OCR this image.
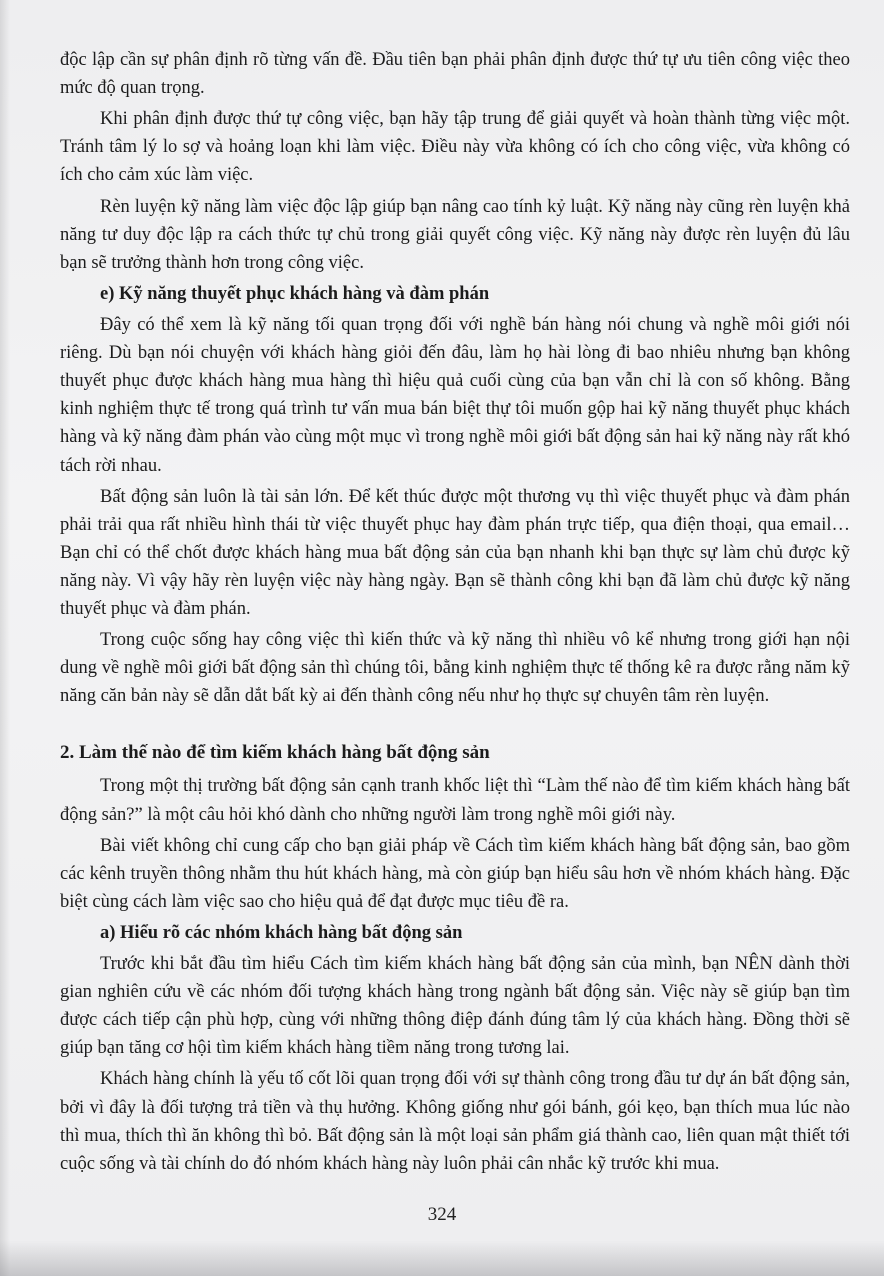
độc lập cần sự phân định rõ từng vấn đề. Đầu tiên bạn phải phân định được thứ tự ưu tiên công việc theo mức độ quan trọng.

Khi phân định được thứ tự công việc, bạn hãy tập trung để giải quyết và hoàn thành từng việc một. Tránh tâm lý lo sợ và hoảng loạn khi làm việc. Điều này vừa không có ích cho công việc, vừa không có ích cho cảm xúc làm việc.

Rèn luyện kỹ năng làm việc độc lập giúp bạn nâng cao tính kỷ luật. Kỹ năng này cũng rèn luyện khả năng tư duy độc lập ra cách thức tự chủ trong giải quyết công việc. Kỹ năng này được rèn luyện đủ lâu bạn sẽ trưởng thành hơn trong công việc.

e) Kỹ năng thuyết phục khách hàng và đàm phán

Đây có thể xem là kỹ năng tối quan trọng đối với nghề bán hàng nói chung và nghề môi giới nói riêng. Dù bạn nói chuyện với khách hàng giỏi đến đâu, làm họ hài lòng đi bao nhiêu nhưng bạn không thuyết phục được khách hàng mua hàng thì hiệu quả cuối cùng của bạn vẫn chỉ là con số không. Bằng kinh nghiệm thực tế trong quá trình tư vấn mua bán biệt thự tôi muốn gộp hai kỹ năng thuyết phục khách hàng và kỹ năng đàm phán vào cùng một mục vì trong nghề môi giới bất động sản hai kỹ năng này rất khó tách rời nhau.

Bất động sản luôn là tài sản lớn. Để kết thúc được một thương vụ thì việc thuyết phục và đàm phán phải trải qua rất nhiều hình thái từ việc thuyết phục hay đàm phán trực tiếp, qua điện thoại, qua email… Bạn chỉ có thể chốt được khách hàng mua bất động sản của bạn nhanh khi bạn thực sự làm chủ được kỹ năng này. Vì vậy hãy rèn luyện việc này hàng ngày. Bạn sẽ thành công khi bạn đã làm chủ được kỹ năng thuyết phục và đàm phán.

Trong cuộc sống hay công việc thì kiến thức và kỹ năng thì nhiều vô kể nhưng trong giới hạn nội dung về nghề môi giới bất động sản thì chúng tôi, bằng kinh nghiệm thực tế thống kê ra được rằng năm kỹ năng căn bản này sẽ dẫn dắt bất kỳ ai đến thành công nếu như họ thực sự chuyên tâm rèn luyện.

2. Làm thế nào để tìm kiếm khách hàng bất động sản

Trong một thị trường bất động sản cạnh tranh khốc liệt thì “Làm thế nào để tìm kiếm khách hàng bất động sản?” là một câu hỏi khó dành cho những người làm trong nghề môi giới này.

Bài viết không chỉ cung cấp cho bạn giải pháp về Cách tìm kiếm khách hàng bất động sản, bao gồm các kênh truyền thông nhằm thu hút khách hàng, mà còn giúp bạn hiểu sâu hơn về nhóm khách hàng. Đặc biệt cùng cách làm việc sao cho hiệu quả để đạt được mục tiêu đề ra.

a) Hiểu rõ các nhóm khách hàng bất động sản

Trước khi bắt đầu tìm hiểu Cách tìm kiếm khách hàng bất động sản của mình, bạn NÊN dành thời gian nghiên cứu về các nhóm đối tượng khách hàng trong ngành bất động sản. Việc này sẽ giúp bạn tìm được cách tiếp cận phù hợp, cùng với những thông điệp đánh đúng tâm lý của khách hàng. Đồng thời sẽ giúp bạn tăng cơ hội tìm kiếm khách hàng tiềm năng trong tương lai.

Khách hàng chính là yếu tố cốt lõi quan trọng đối với sự thành công trong đầu tư dự án bất động sản, bởi vì đây là đối tượng trả tiền và thụ hưởng. Không giống như gói bánh, gói kẹo, bạn thích mua lúc nào thì mua, thích thì ăn không thì bỏ. Bất động sản là một loại sản phẩm giá thành cao, liên quan mật thiết tới cuộc sống và tài chính do đó nhóm khách hàng này luôn phải cân nhắc kỹ trước khi mua.

324
